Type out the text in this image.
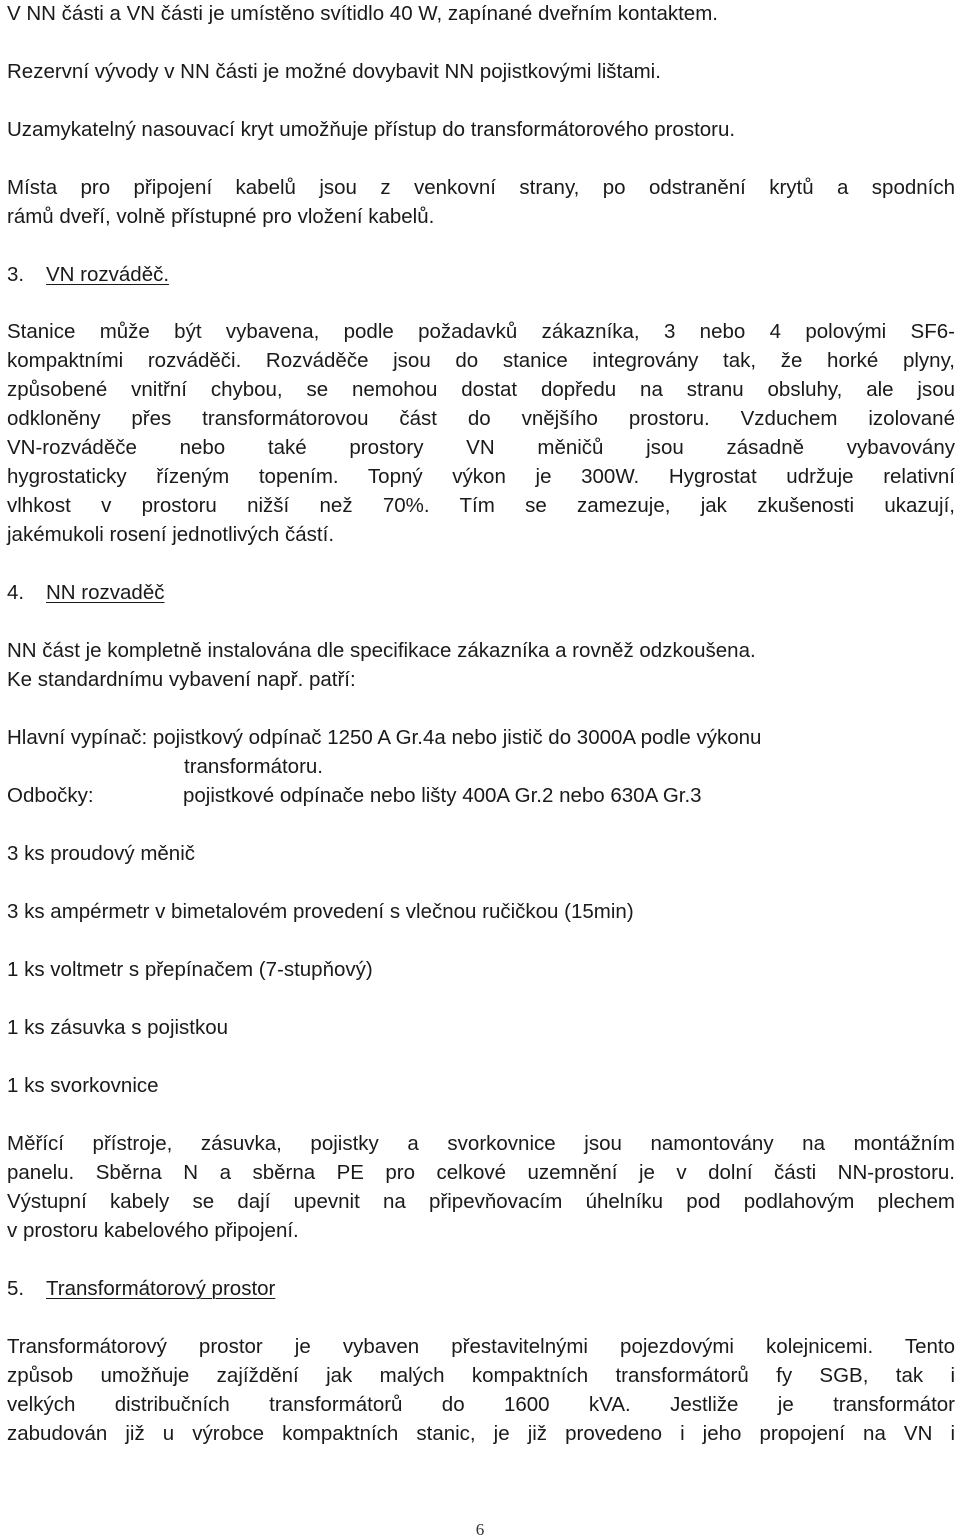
V NN části a VN části je umístěno svítidlo 40 W, zapínané dveřním kontaktem.
Rezervní vývody v NN části je možné dovybavit NN pojistkovými lištami.
Uzamykatelný nasouvací kryt umožňuje přístup do transformátorového prostoru.
Místa pro připojení kabelů jsou z venkovní strany, po odstranění krytů a spodních
rámů dveří, volně přístupné pro vložení kabelů.
3. VN rozváděč.
Stanice může být vybavena, podle požadavků zákazníka, 3 nebo 4 polovými SF6-
kompaktními rozváděči. Rozváděče jsou do stanice integrovány tak, že horké plyny,
způsobené vnitřní chybou, se nemohou dostat dopředu na stranu obsluhy, ale jsou
odkloněny přes transformátorovou část do vnějšího prostoru. Vzduchem izolované
VN-rozváděče nebo také prostory VN měničů jsou zásadně vybavovány
hygrostaticky řízeným topením. Topný výkon je 300W. Hygrostat udržuje relativní
vlhkost v prostoru nižší než 70%. Tím se zamezuje, jak zkušenosti ukazují,
jakémukoli rosení jednotlivých částí.
4. NN rozvaděč
NN část je kompletně instalována dle specifikace zákazníka a rovněž odzkoušena.
Ke standardnímu vybavení např. patří:
Hlavní vypínač: pojistkový odpínač 1250 A Gr.4a nebo jistič do 3000A podle výkonu
transformátoru.
Odbočky:	pojistkové odpínače nebo lišty 400A Gr.2 nebo 630A Gr.3
3 ks proudový měnič
3 ks ampérmetr v bimetalovém provedení s vlečnou ručičkou (15min)
1 ks voltmetr s přepínačem (7-stupňový)
1 ks zásuvka s pojistkou
1 ks svorkovnice
Měřící přístroje, zásuvka, pojistky a svorkovnice jsou namontovány na montážním
panelu. Sběrna N a sběrna PE pro celkové uzemnění je v dolní části NN-prostoru.
Výstupní kabely se dají upevnit na připevňovacím úhelníku pod podlahovým plechem
v prostoru kabelového připojení.
5. Transformátorový prostor
Transformátorový prostor je vybaven přestavitelnými pojezdovými kolejnicemi. Tento
způsob umožňuje zajíždění jak malých kompaktních transformátorů fy SGB, tak i
velkých distribučních transformátorů do 1600 kVA. Jestliže je transformátor
zabudován již u výrobce kompaktních stanic, je již provedeno i jeho propojení na VN i
6
